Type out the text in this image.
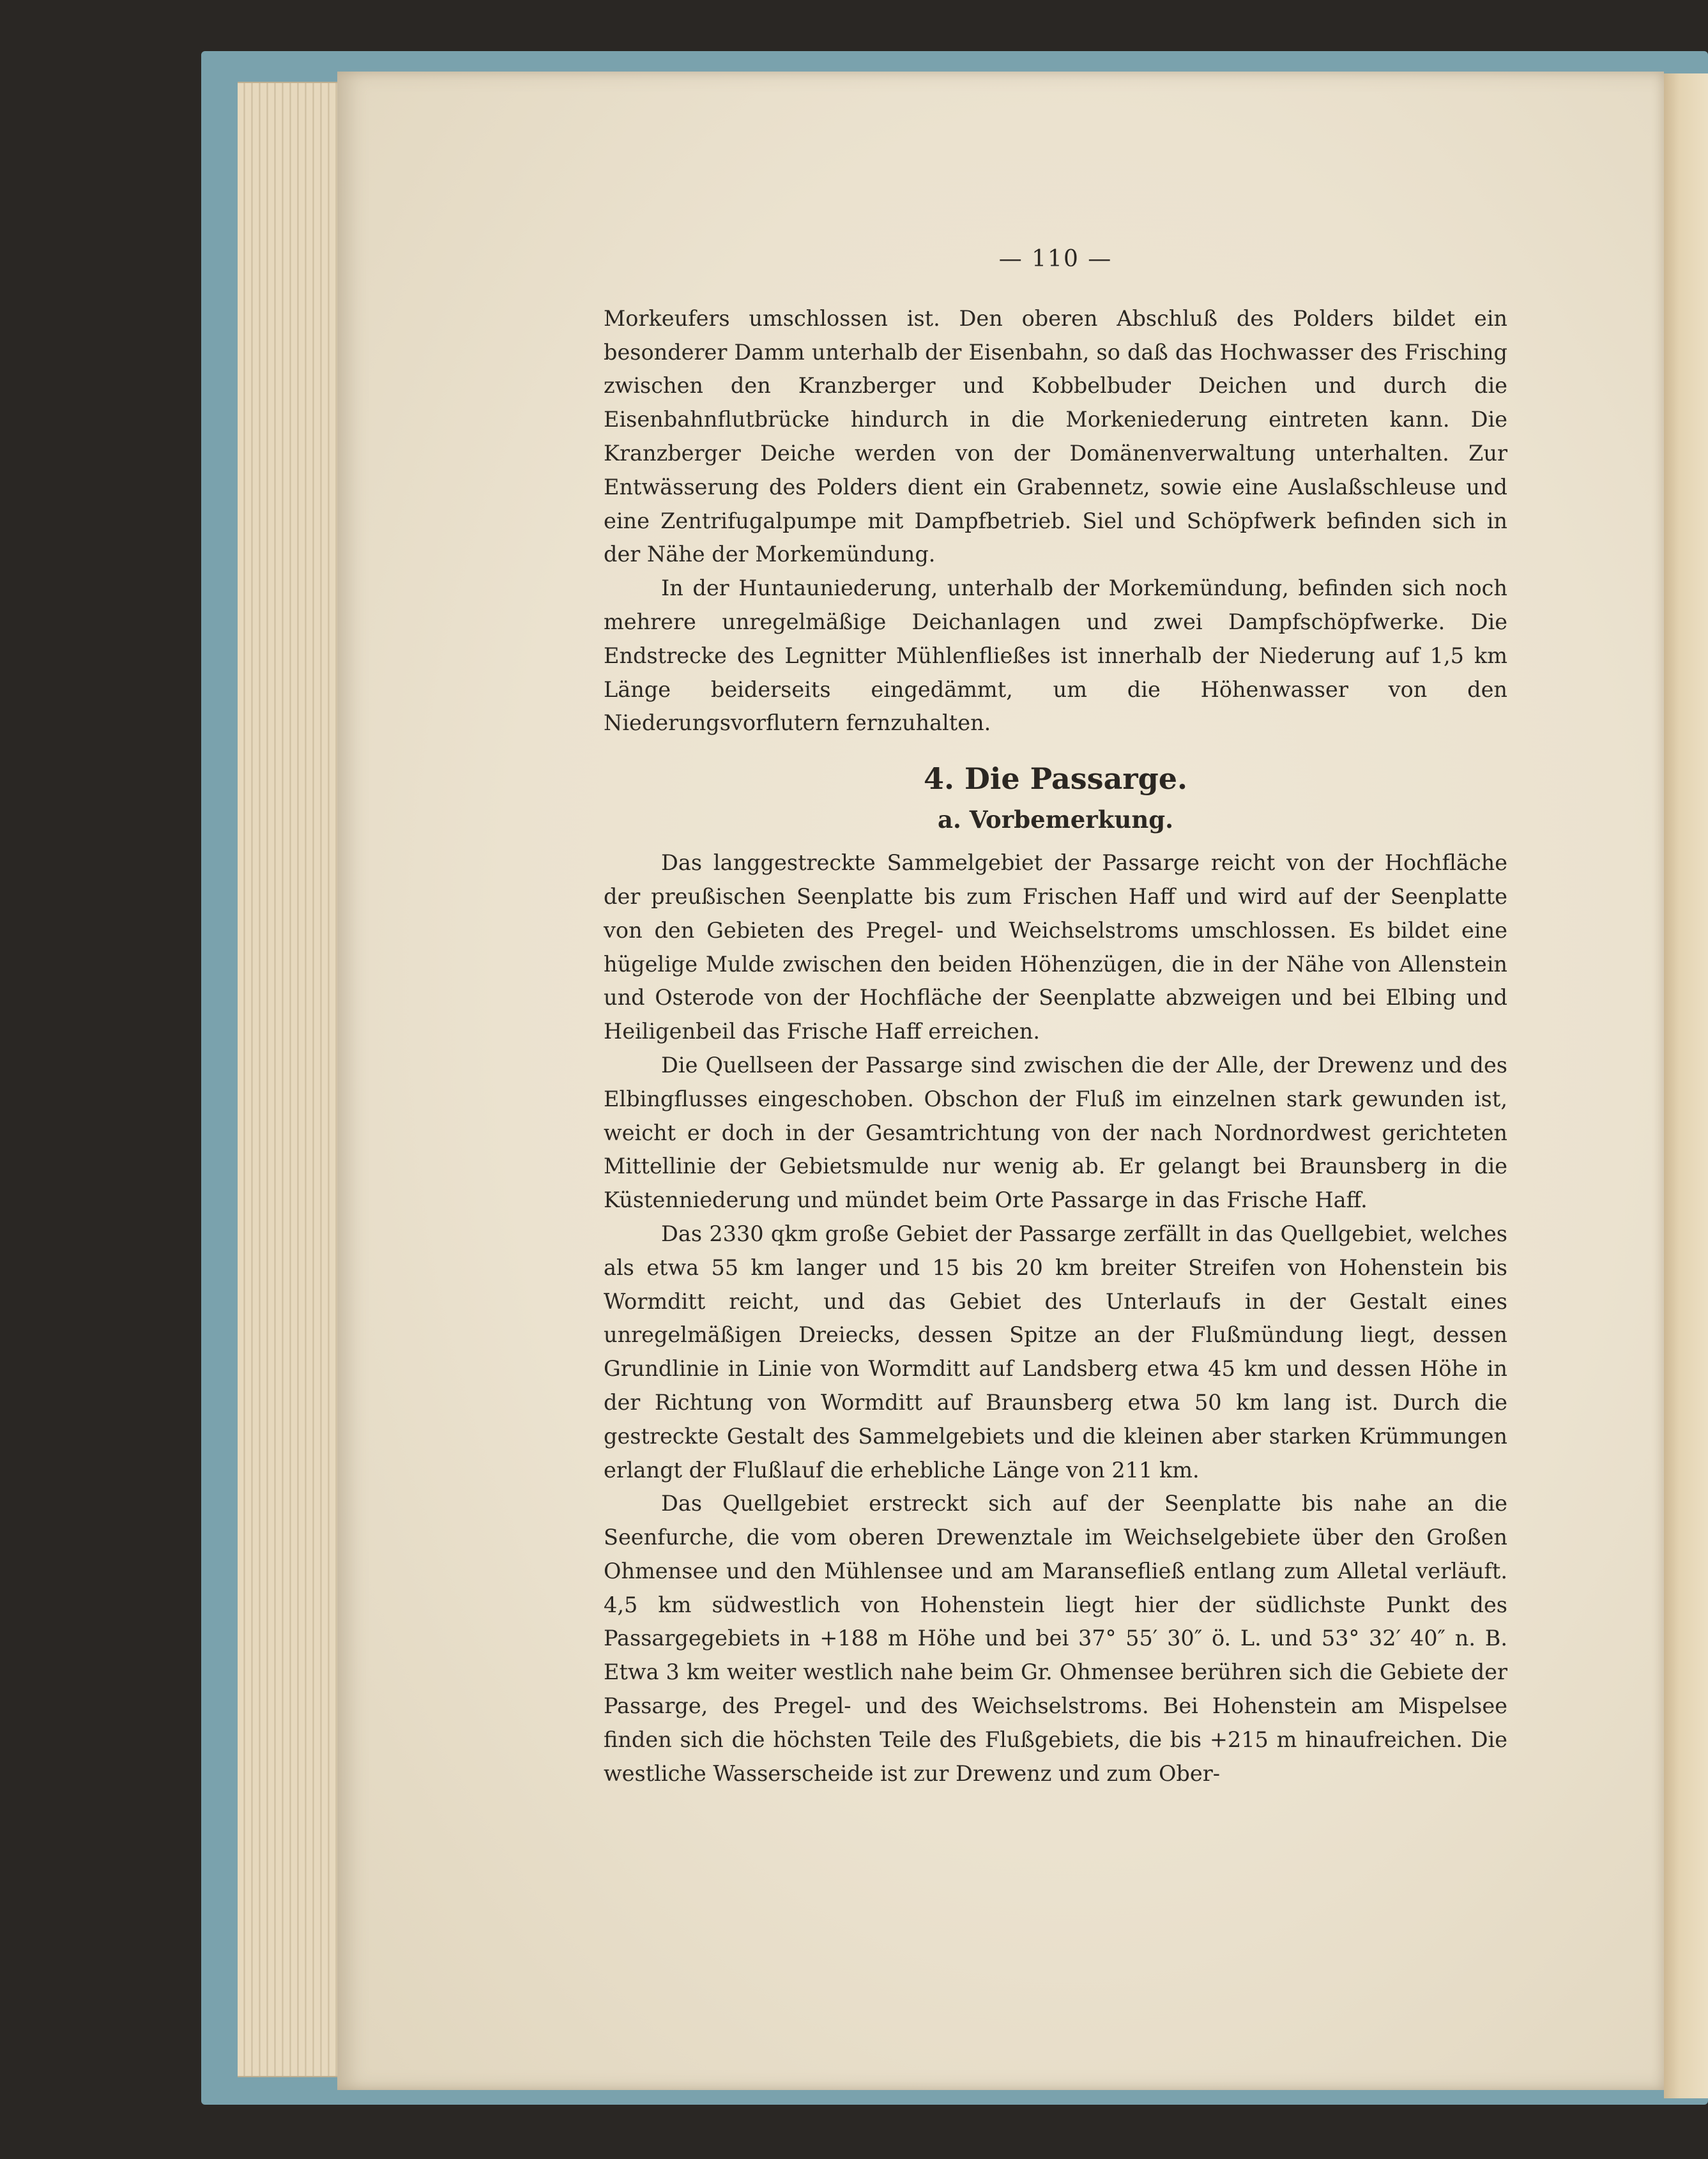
— 110 —

Morkeufers umschlossen ist. Den oberen Abschluß des Polders bildet ein besonderer Damm unterhalb der Eisenbahn, so daß das Hochwasser des Frisching zwischen den Kranzberger und Kobbelbuder Deichen und durch die Eisenbahnflutbrücke hindurch in die Morkeniederung eintreten kann. Die Kranzberger Deiche werden von der Domänenverwaltung unterhalten. Zur Entwässerung des Polders dient ein Grabennetz, sowie eine Auslaßschleuse und eine Zentrifugalpumpe mit Dampfbetrieb. Siel und Schöpfwerk befinden sich in der Nähe der Morkemündung.

In der Huntauniederung, unterhalb der Morkemündung, befinden sich noch mehrere unregelmäßige Deichanlagen und zwei Dampfschöpfwerke. Die Endstrecke des Legnitter Mühlenfließes ist innerhalb der Niederung auf 1,5 km Länge beiderseits eingedämmt, um die Höhenwasser von den Niederungsvorflutern fernzuhalten.

4. Die Passarge.
a. Vorbemerkung.

Das langgestreckte Sammelgebiet der Passarge reicht von der Hochfläche der preußischen Seenplatte bis zum Frischen Haff und wird auf der Seenplatte von den Gebieten des Pregel- und Weichselstroms umschlossen. Es bildet eine hügelige Mulde zwischen den beiden Höhenzügen, die in der Nähe von Allenstein und Osterode von der Hochfläche der Seenplatte abzweigen und bei Elbing und Heiligenbeil das Frische Haff erreichen.

Die Quellseen der Passarge sind zwischen die der Alle, der Drewenz und des Elbingflusses eingeschoben. Obschon der Fluß im einzelnen stark gewunden ist, weicht er doch in der Gesamtrichtung von der nach Nordnordwest gerichteten Mittellinie der Gebietsmulde nur wenig ab. Er gelangt bei Braunsberg in die Küstenniederung und mündet beim Orte Passarge in das Frische Haff.

Das 2330 qkm große Gebiet der Passarge zerfällt in das Quellgebiet, welches als etwa 55 km langer und 15 bis 20 km breiter Streifen von Hohenstein bis Wormditt reicht, und das Gebiet des Unterlaufs in der Gestalt eines unregelmäßigen Dreiecks, dessen Spitze an der Flußmündung liegt, dessen Grundlinie in Linie von Wormditt auf Landsberg etwa 45 km und dessen Höhe in der Richtung von Wormditt auf Braunsberg etwa 50 km lang ist. Durch die gestreckte Gestalt des Sammelgebiets und die kleinen aber starken Krümmungen erlangt der Flußlauf die erhebliche Länge von 211 km.

Das Quellgebiet erstreckt sich auf der Seenplatte bis nahe an die Seenfurche, die vom oberen Drewenztale im Weichselgebiete über den Großen Ohmensee und den Mühlensee und am Maransefließ entlang zum Alletal verläuft. 4,5 km südwestlich von Hohenstein liegt hier der südlichste Punkt des Passargegebiets in +188 m Höhe und bei 37° 55′ 30″ ö. L. und 53° 32′ 40″ n. B. Etwa 3 km weiter westlich nahe beim Gr. Ohmensee berühren sich die Gebiete der Passarge, des Pregel- und des Weichselstroms. Bei Hohenstein am Mispelsee finden sich die höchsten Teile des Flußgebiets, die bis +215 m hinaufreichen. Die westliche Wasserscheide ist zur Drewenz und zum Ober-
